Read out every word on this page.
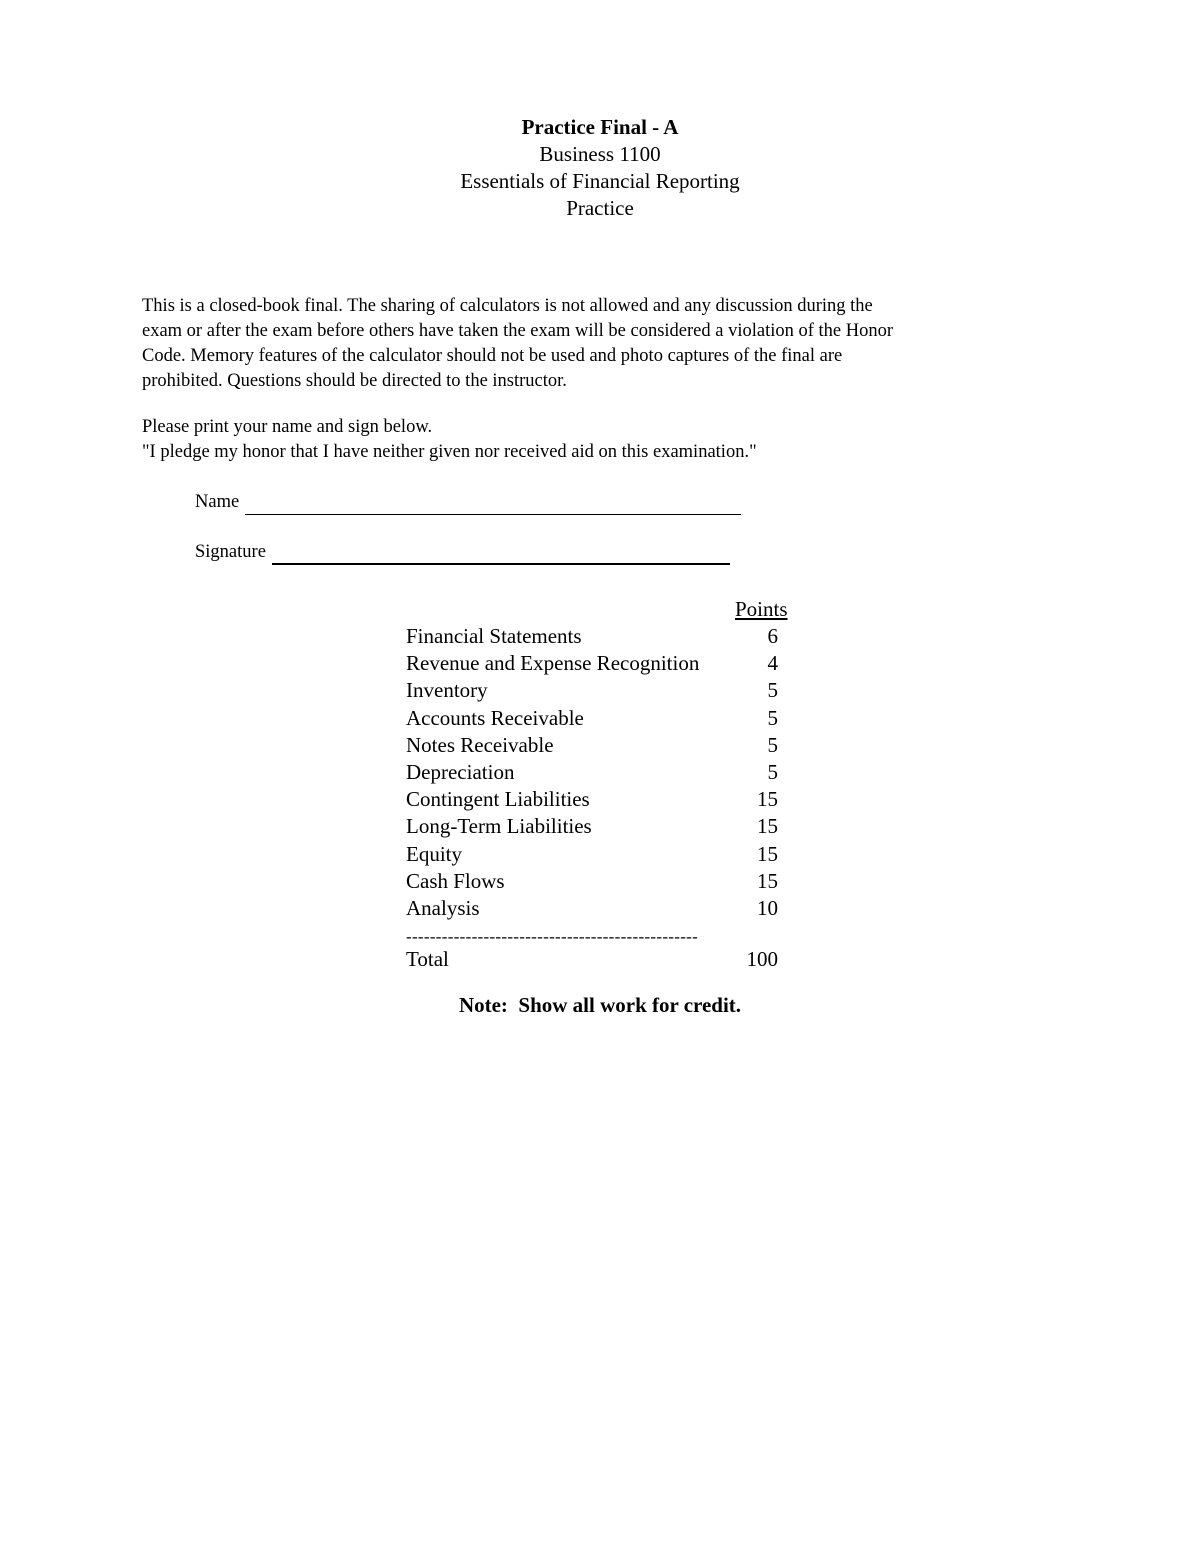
Practice Final - A
Business 1100
Essentials of Financial Reporting
Practice

This is a closed-book final. The sharing of calculators is not allowed and any discussion during the

exam or after the exam before others have taken the exam will be considered a violation of the Honor

Code. Memory features of the calculator should not be used and photo captures of the final are

prohibited. Questions should be directed to the instructor.

Please print your name and sign below.

"I pledge my honor that I have neither given nor received aid on this examination."

Name
Signature
Points
Financial Statements	6
Revenue and Expense Recognition	4
Inventory	5
Accounts Receivable	5
Notes Receivable	5
Depreciation	5
Contingent Liabilities	15
Long-Term Liabilities	15
Equity	15
Cash Flows	15
Analysis	10
-------------------------------------------------
Total	100
Note:  Show all work for credit.
